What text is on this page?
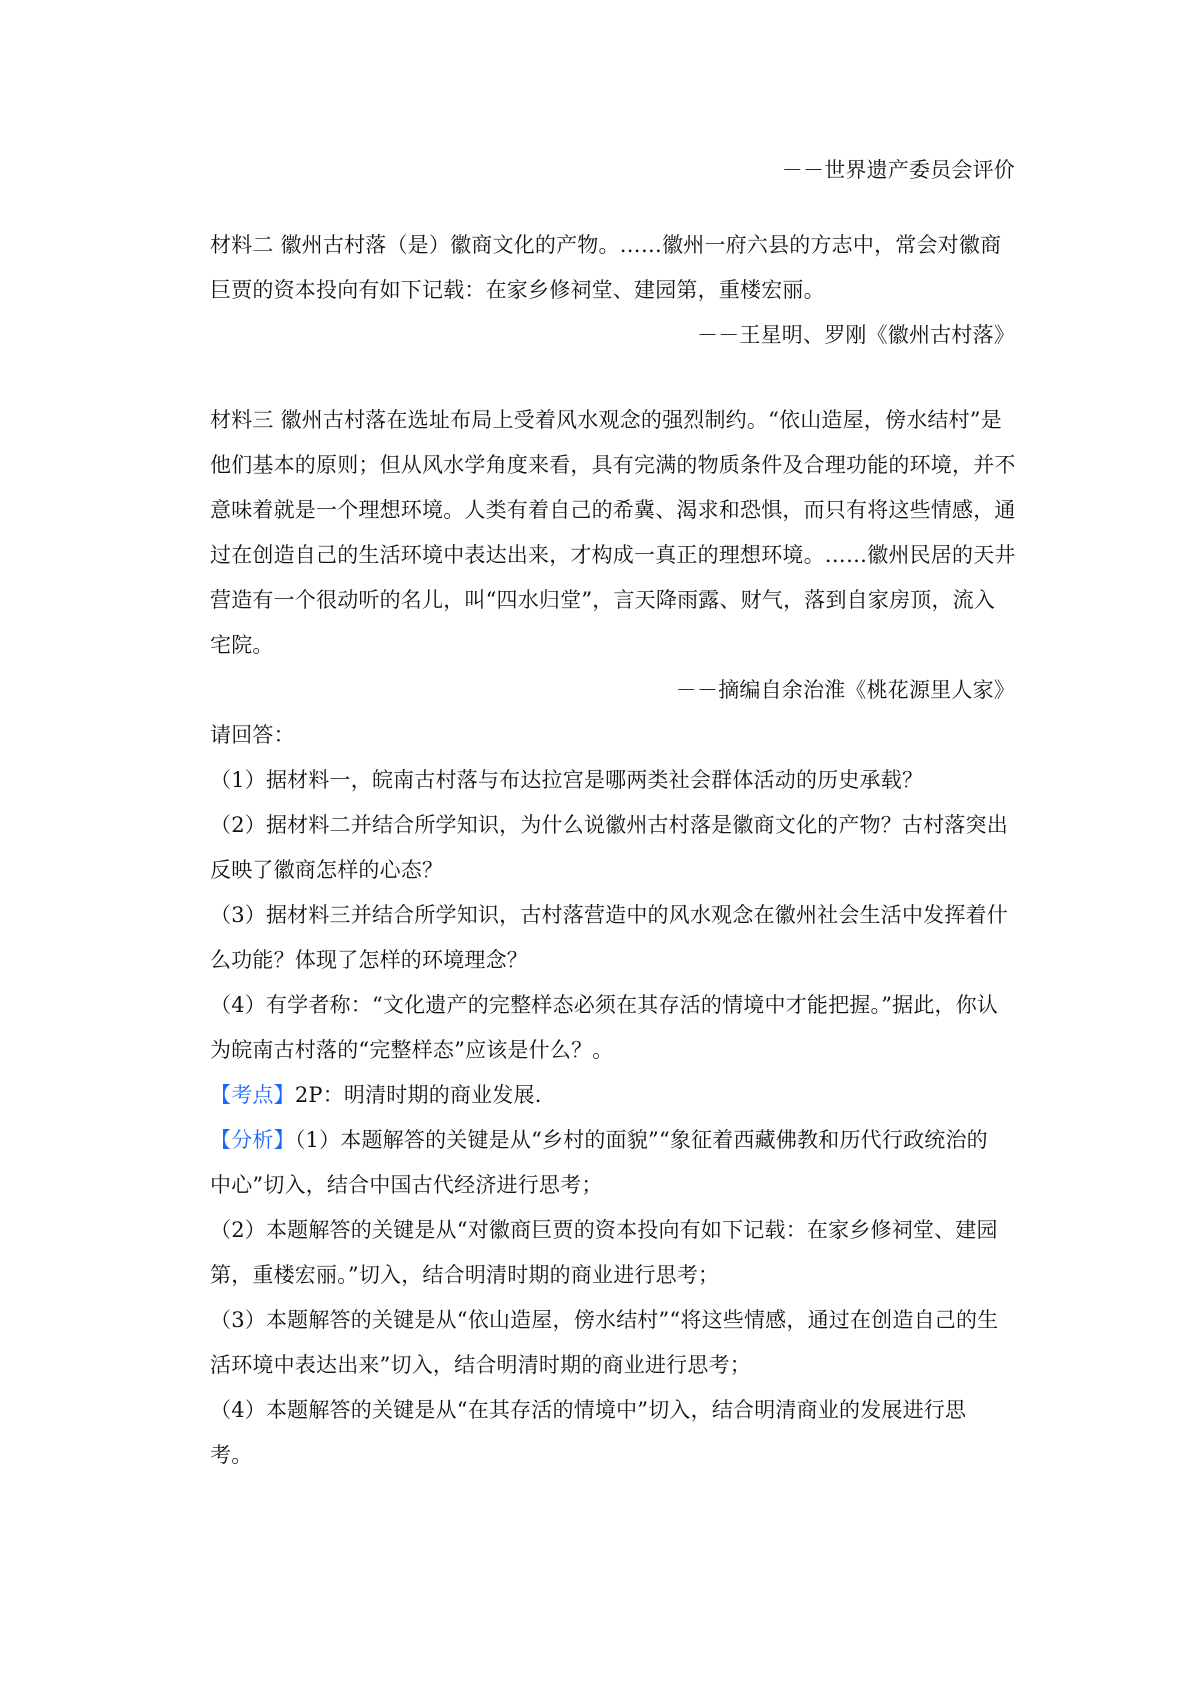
－－世界遗产委员会评价
材料二 徽州古村落（是）徽商文化的产物。……徽州一府六县的方志中，常会对徽商
巨贾的资本投向有如下记载：在家乡修祠堂、建园第，重楼宏丽。
－－王星明、罗刚《徽州古村落》
材料三 徽州古村落在选址布局上受着风水观念的强烈制约。“依山造屋，傍水结村”是
他们基本的原则；但从风水学角度来看，具有完满的物质条件及合理功能的环境，并不
意味着就是一个理想环境。人类有着自己的希冀、渴求和恐惧，而只有将这些情感，通
过在创造自己的生活环境中表达出来，才构成一真正的理想环境。……徽州民居的天井
营造有一个很动听的名儿，叫“四水归堂”，言天降雨露、财气，落到自家房顶，流入
宅院。
－－摘编自余治淮《桃花源里人家》
请回答：
（1）据材料一，皖南古村落与布达拉宫是哪两类社会群体活动的历史承载？
（2）据材料二并结合所学知识，为什么说徽州古村落是徽商文化的产物？古村落突出
反映了徽商怎样的心态？
（3）据材料三并结合所学知识，古村落营造中的风水观念在徽州社会生活中发挥着什
么功能？体现了怎样的环境理念？
（4）有学者称：“文化遗产的完整样态必须在其存活的情境中才能把握。”据此，你认
为皖南古村落的“完整样态”应该是什么？。
【考点】2P：明清时期的商业发展.
【分析】（1）本题解答的关键是从“乡村的面貌”“象征着西藏佛教和历代行政统治的
中心”切入，结合中国古代经济进行思考；
（2）本题解答的关键是从“对徽商巨贾的资本投向有如下记载：在家乡修祠堂、建园
第，重楼宏丽。”切入，结合明清时期的商业进行思考；
（3）本题解答的关键是从“依山造屋，傍水结村”“将这些情感，通过在创造自己的生
活环境中表达出来”切入，结合明清时期的商业进行思考；
（4）本题解答的关键是从“在其存活的情境中”切入，结合明清商业的发展进行思
考。
